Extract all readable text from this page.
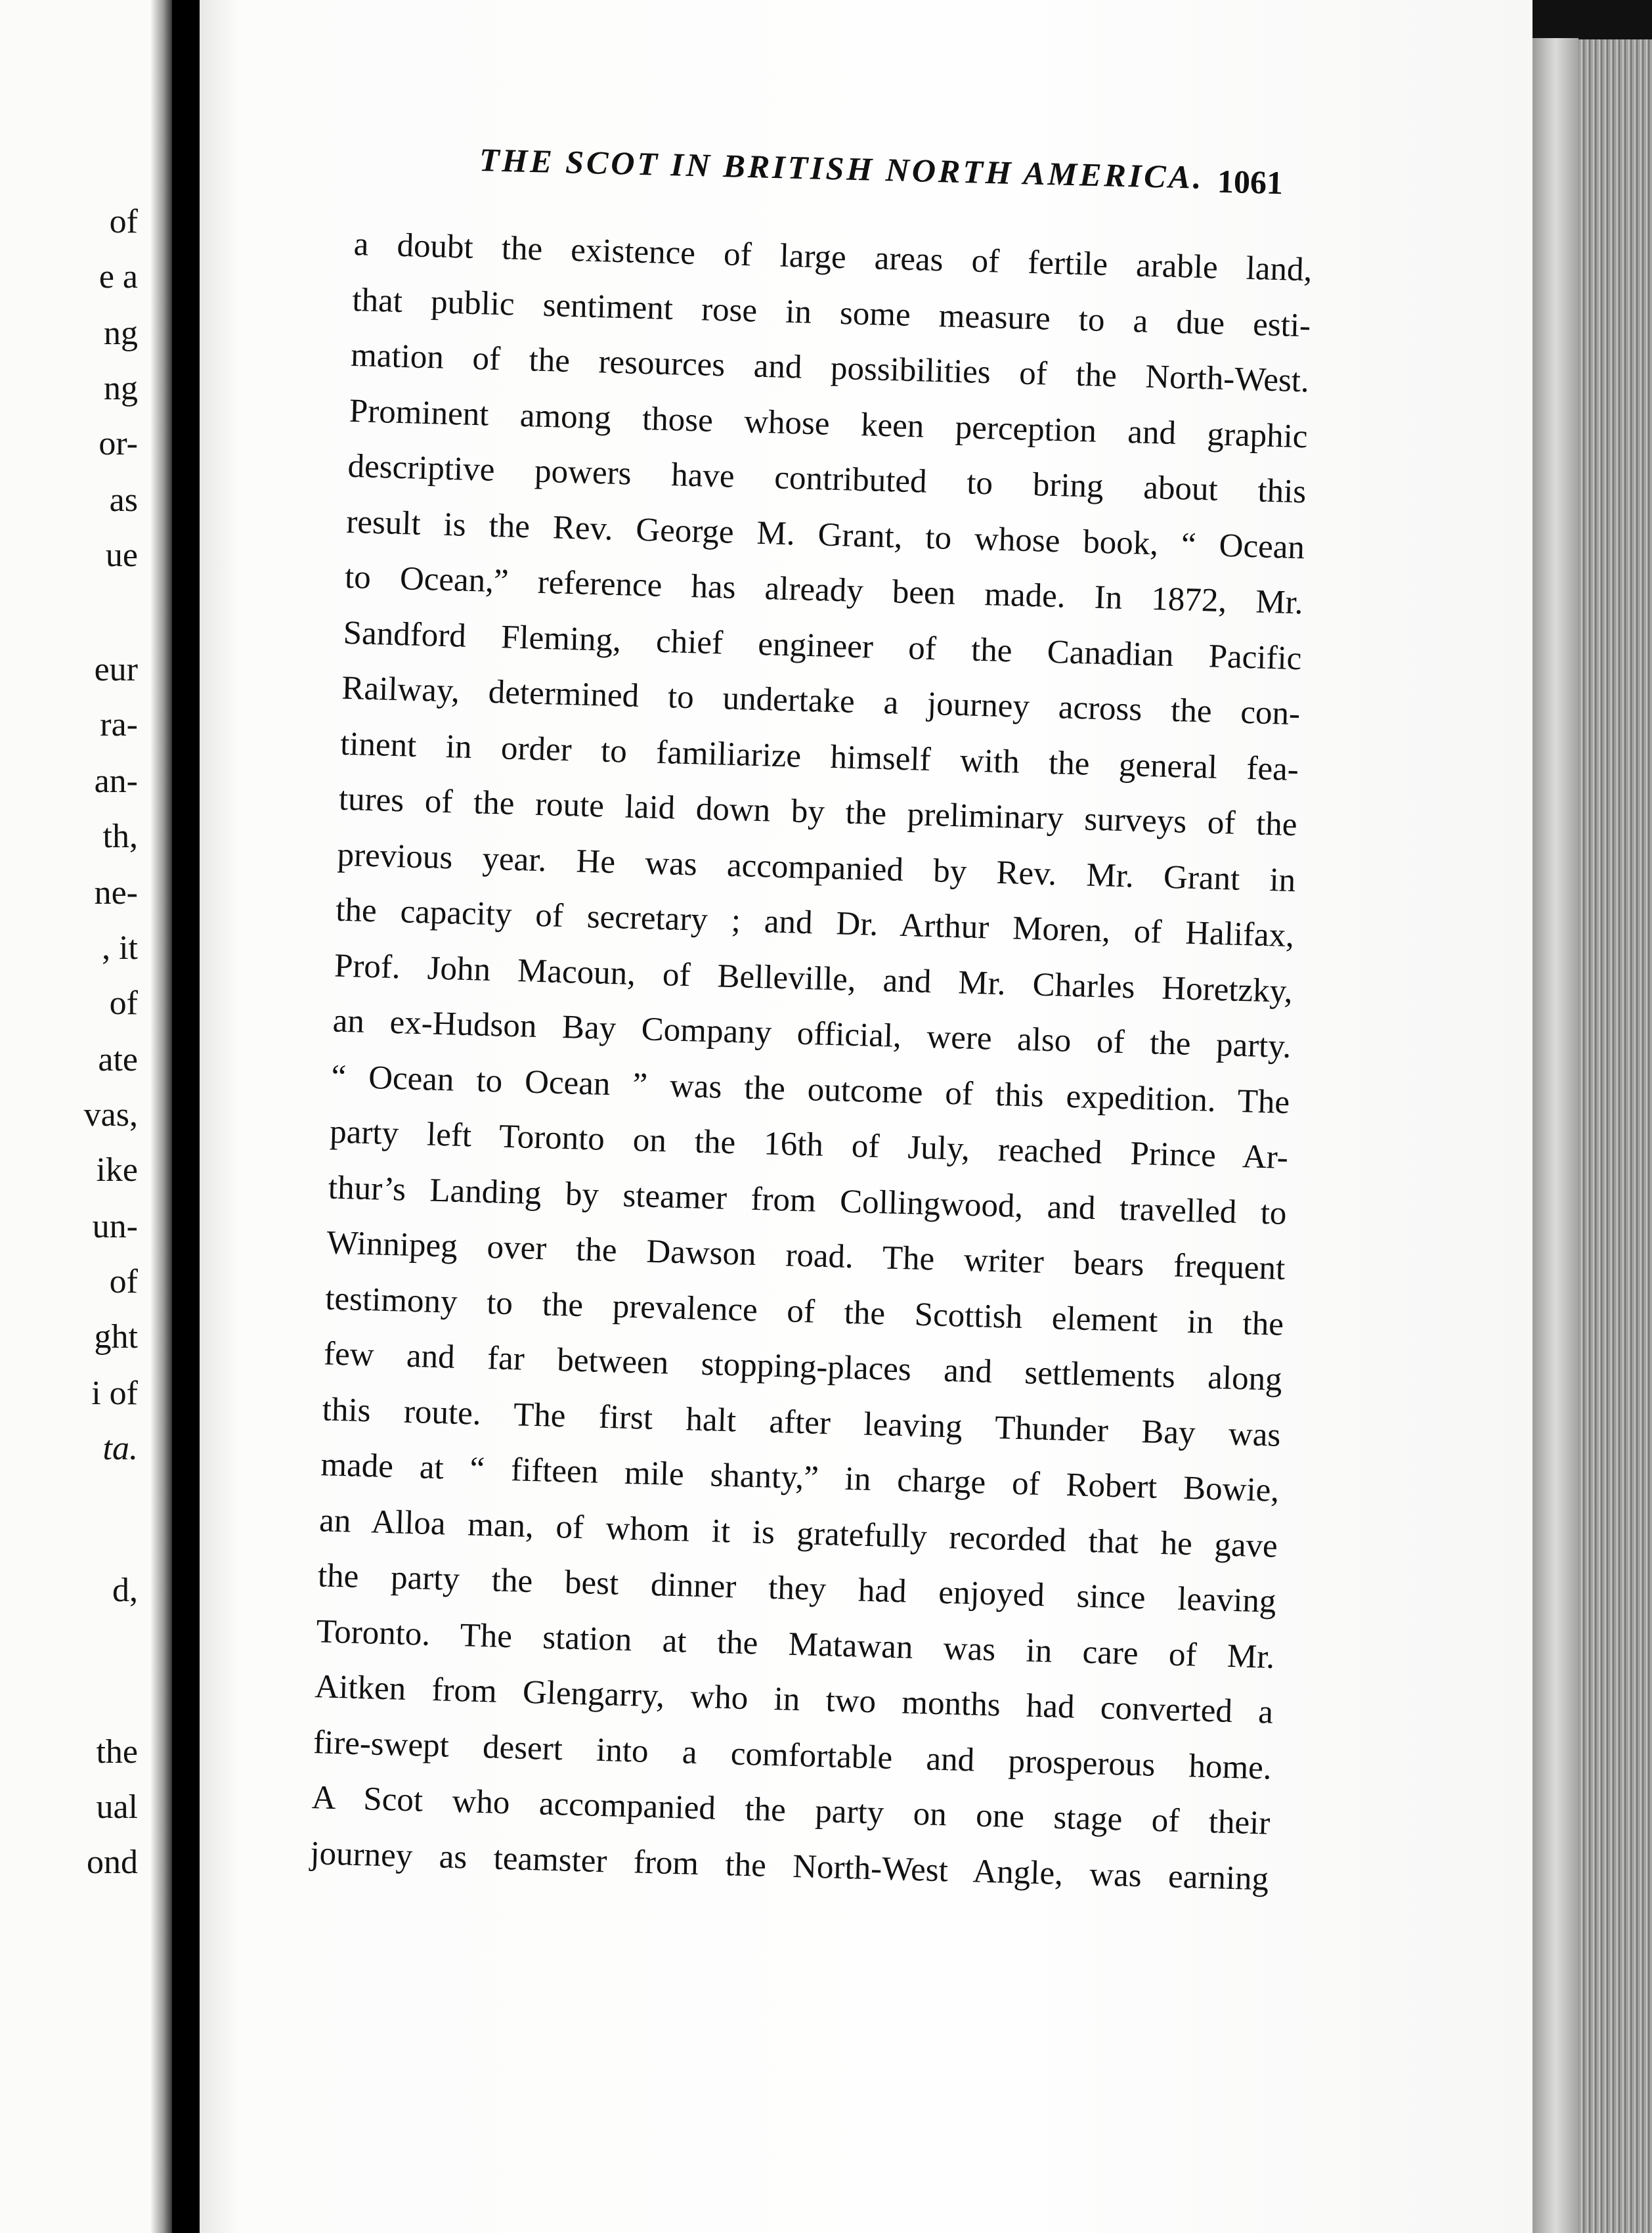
of
e a
ng
ng
or-
as
ue
eur
ra-
an-
th,
ne-
, it
of
ate
vas,
ike
un-
of
ght
i of
ta.
d,
the
ual
ond
THE SCOT IN BRITISH NORTH AMERICA. 1061
a doubt the existence of large areas of fertile arable land,
that public sentiment rose in some measure to a due esti-
mation of the resources and possibilities of the North-West.
Prominent among those whose keen perception and graphic
descriptive powers have contributed to bring about this
result is the Rev. George M. Grant, to whose book, “ Ocean
to Ocean,” reference has already been made. In 1872, Mr.
Sandford Fleming, chief engineer of the Canadian Pacific
Railway, determined to undertake a journey across the con-
tinent in order to familiarize himself with the general fea-
tures of the route laid down by the preliminary surveys of the
previous year. He was accompanied by Rev. Mr. Grant in
the capacity of secretary ; and Dr. Arthur Moren, of Halifax,
Prof. John Macoun, of Belleville, and Mr. Charles Horetzky,
an ex-Hudson Bay Company official, were also of the party.
“ Ocean to Ocean ” was the outcome of this expedition. The
party left Toronto on the 16th of July, reached Prince Ar-
thur’s Landing by steamer from Collingwood, and travelled to
Winnipeg over the Dawson road. The writer bears frequent
testimony to the prevalence of the Scottish element in the
few and far between stopping-places and settlements along
this route. The first halt after leaving Thunder Bay was
made at “ fifteen mile shanty,” in charge of Robert Bowie,
an Alloa man, of whom it is gratefully recorded that he gave
the party the best dinner they had enjoyed since leaving
Toronto. The station at the Matawan was in care of Mr.
Aitken from Glengarry, who in two months had converted a
fire-swept desert into a comfortable and prosperous home.
A Scot who accompanied the party on one stage of their
journey as teamster from the North-West Angle, was earning
